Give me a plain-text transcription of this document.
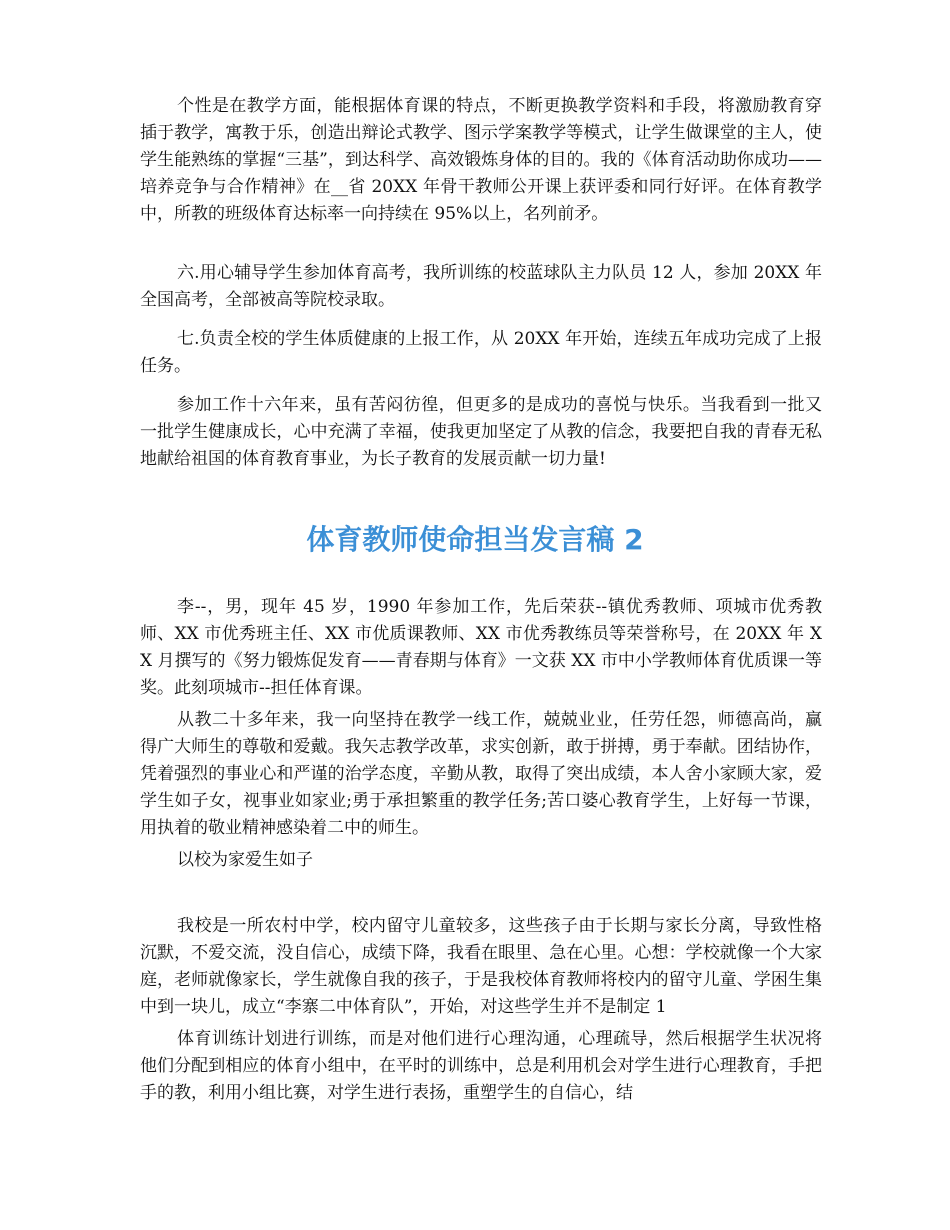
个性是在教学方面，能根据体育课的特点，不断更换教学资料和手段，将激励教育穿插于教学，寓教于乐，创造出辩论式教学、图示学案教学等模式，让学生做课堂的主人，使学生能熟练的掌握“三基”，到达科学、高效锻炼身体的目的。我的《体育活动助你成功——培养竞争与合作精神》在__省 20XX 年骨干教师公开课上获评委和同行好评。在体育教学中，所教的班级体育达标率一向持续在 95%以上，名列前矛。

六.用心辅导学生参加体育高考，我所训练的校蓝球队主力队员 12 人，参加 20XX 年全国高考，全部被高等院校录取。

七.负责全校的学生体质健康的上报工作，从 20XX 年开始，连续五年成功完成了上报任务。

参加工作十六年来，虽有苦闷彷徨，但更多的是成功的喜悦与快乐。当我看到一批又一批学生健康成长，心中充满了幸福，使我更加坚定了从教的信念，我要把自我的青春无私地献给祖国的体育教育事业，为长子教育的发展贡献一切力量!

体育教师使命担当发言稿 2

李--，男，现年 45 岁，1990 年参加工作，先后荣获--镇优秀教师、项城市优秀教师、XX 市优秀班主任、XX 市优质课教师、XX 市优秀教练员等荣誉称号，在 20XX 年 XX 月撰写的《努力锻炼促发育——青春期与体育》一文获 XX 市中小学教师体育优质课一等奖。此刻项城市--担任体育课。

从教二十多年来，我一向坚持在教学一线工作，兢兢业业，任劳任怨，师德高尚，赢得广大师生的尊敬和爱戴。我矢志教学改革，求实创新，敢于拼搏，勇于奉献。团结协作，凭着强烈的事业心和严谨的治学态度，辛勤从教，取得了突出成绩，本人舍小家顾大家，爱学生如子女，视事业如家业;勇于承担繁重的教学任务;苦口婆心教育学生，上好每一节课，用执着的敬业精神感染着二中的师生。

以校为家爱生如子

我校是一所农村中学，校内留守儿童较多，这些孩子由于长期与家长分离，导致性格沉默，不爱交流，没自信心，成绩下降，我看在眼里、急在心里。心想：学校就像一个大家庭，老师就像家长，学生就像自我的孩子，于是我校体育教师将校内的留守儿童、学困生集中到一块儿，成立“李寨二中体育队”，开始，对这些学生并不是制定 1

体育训练计划进行训练，而是对他们进行心理沟通，心理疏导，然后根据学生状况将他们分配到相应的体育小组中，在平时的训练中，总是利用机会对学生进行心理教育，手把手的教，利用小组比赛，对学生进行表扬，重塑学生的自信心，结
